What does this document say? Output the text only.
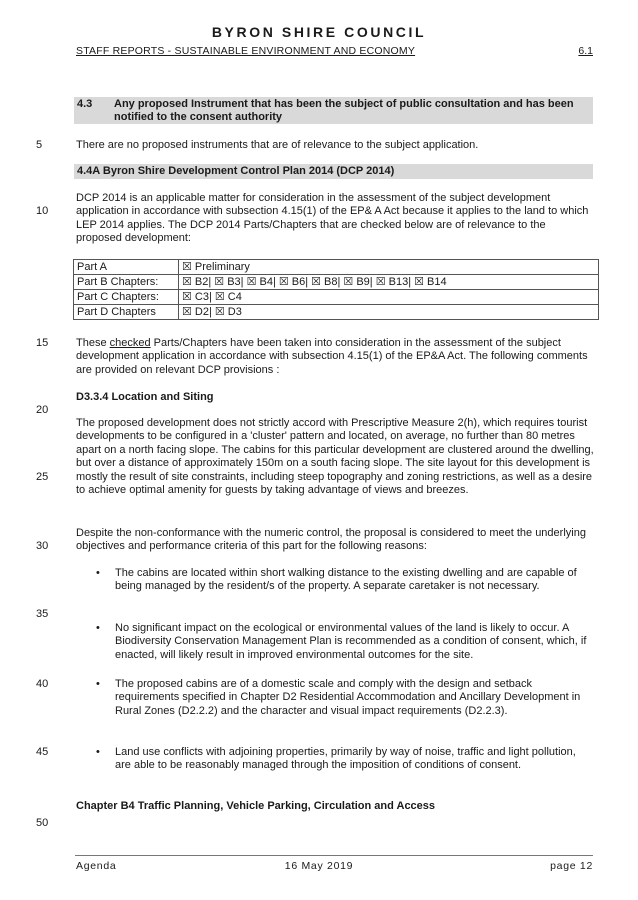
BYRON SHIRE COUNCIL
STAFF REPORTS - SUSTAINABLE ENVIRONMENT AND ECONOMY	6.1
4.3 Any proposed Instrument that has been the subject of public consultation and has been notified to the consent authority
5	There are no proposed instruments that are of relevance to the subject application.
4.4A Byron Shire Development Control Plan 2014 (DCP 2014)
10
DCP 2014 is an applicable matter for consideration in the assessment of the subject development application in accordance with subsection 4.15(1) of the EP& A Act because it applies to the land to which LEP 2014 applies. The DCP 2014 Parts/Chapters that are checked below are of relevance to the proposed development:
Part A	☒ Preliminary
Part B Chapters:	☒ B2| ☒ B3| ☒ B4| ☒ B6| ☒ B8| ☒ B9| ☒ B13| ☒ B14
Part C Chapters:	☒ C3| ☒ C4
Part D Chapters	☒ D2| ☒ D3
15	These checked Parts/Chapters have been taken into consideration in the assessment of the subject development application in accordance with subsection 4.15(1) of the EP&A Act. The following comments are provided on relevant DCP provisions :
D3.3.4 Location and Siting
20
The proposed development does not strictly accord with Prescriptive Measure 2(h), which requires tourist developments to be configured in a 'cluster' pattern and located, on average, no further than 80 metres apart on a north facing slope. The cabins for this particular development are clustered around the dwelling, but over a distance of approximately 150m on a south facing slope. The site layout for this development is mostly the result of site constraints, including steep topography and zoning restrictions, as well as a desire to achieve optimal amenity for guests by taking advantage of views and breezes.
25
Despite the non-conformance with the numeric control, the proposal is considered to meet the underlying objectives and performance criteria of this part for the following reasons:
30
• The cabins are located within short walking distance to the existing dwelling and are capable of being managed by the resident/s of the property. A separate caretaker is not necessary.
35
• No significant impact on the ecological or environmental values of the land is likely to occur. A Biodiversity Conservation Management Plan is recommended as a condition of consent, which, if enacted, will likely result in improved environmental outcomes for the site.
40	• The proposed cabins are of a domestic scale and comply with the design and setback requirements specified in Chapter D2 Residential Accommodation and Ancillary Development in Rural Zones (D2.2.2) and the character and visual impact requirements (D2.2.3).
45	• Land use conflicts with adjoining properties, primarily by way of noise, traffic and light pollution, are able to be reasonably managed through the imposition of conditions of consent.
Chapter B4 Traffic Planning, Vehicle Parking, Circulation and Access
50
Agenda	16 May 2019	page 12
